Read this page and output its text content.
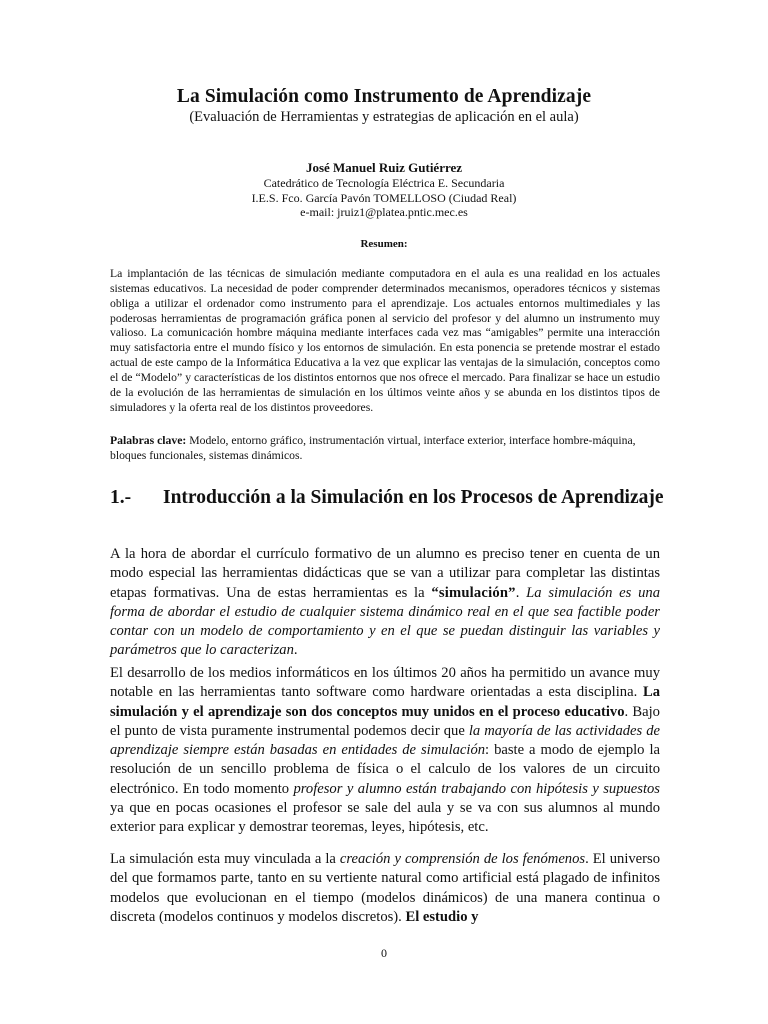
La Simulación como Instrumento de Aprendizaje
(Evaluación de Herramientas y estrategias de aplicación en el aula)
José Manuel Ruiz Gutiérrez
Catedrático de Tecnología Eléctrica E. Secundaria
I.E.S. Fco. García Pavón TOMELLOSO (Ciudad Real)
e-mail: jruiz1@platea.pntic.mec.es
Resumen:

La implantación de las técnicas de simulación mediante computadora en el aula es una realidad en los actuales sistemas educativos. La necesidad de poder comprender determinados mecanismos, operadores técnicos y sistemas obliga a utilizar el ordenador como instrumento para el aprendizaje. Los actuales entornos multimediales y las poderosas herramientas de programación gráfica ponen al servicio del profesor y del alumno un instrumento muy valioso. La comunicación hombre máquina mediante interfaces cada vez mas “amigables” permite una interacción muy satisfactoria entre el mundo físico y los entornos de simulación. En esta ponencia se pretende mostrar el estado actual de este campo de la Informática Educativa a la vez que explicar las ventajas de la simulación, conceptos como el de “Modelo” y características de los distintos entornos que nos ofrece el mercado. Para finalizar se hace un estudio de la evolución de las herramientas de simulación en los últimos veinte años y se abunda en los distintos tipos de simuladores y la oferta real de los distintos proveedores.

Palabras clave: Modelo, entorno gráfico, instrumentación virtual, interface exterior, interface hombre-máquina, bloques funcionales, sistemas dinámicos.

1.- Introducción a la Simulación en los Procesos de Aprendizaje

A la hora de abordar el currículo formativo de un alumno es preciso tener en cuenta de un modo especial las herramientas didácticas que se van a utilizar para completar las distintas etapas formativas. Una de estas herramientas es la “simulación”. La simulación es una forma de abordar el estudio de cualquier sistema dinámico real en el que sea factible poder contar con un modelo de comportamiento y en el que se puedan distinguir las variables y parámetros que lo caracterizan.

El desarrollo de los medios informáticos en los últimos 20 años ha permitido un avance muy notable en las herramientas tanto software como hardware orientadas a esta disciplina. La simulación y el aprendizaje son dos conceptos muy unidos en el proceso educativo. Bajo el punto de vista puramente instrumental podemos decir que la mayoría de las actividades de aprendizaje siempre están basadas en entidades de simulación: baste a modo de ejemplo la resolución de un sencillo problema de física o el calculo de los valores de un circuito electrónico. En todo momento profesor y alumno están trabajando con hipótesis y supuestos ya que en pocas ocasiones el profesor se sale del aula y se va con sus alumnos al mundo exterior para explicar y demostrar teoremas, leyes, hipótesis, etc.

La simulación esta muy vinculada a la creación y comprensión de los fenómenos. El universo del que formamos parte, tanto en su vertiente natural como artificial está plagado de infinitos modelos que evolucionan en el tiempo (modelos dinámicos) de una manera continua o discreta (modelos continuos y modelos discretos). El estudio y

0
